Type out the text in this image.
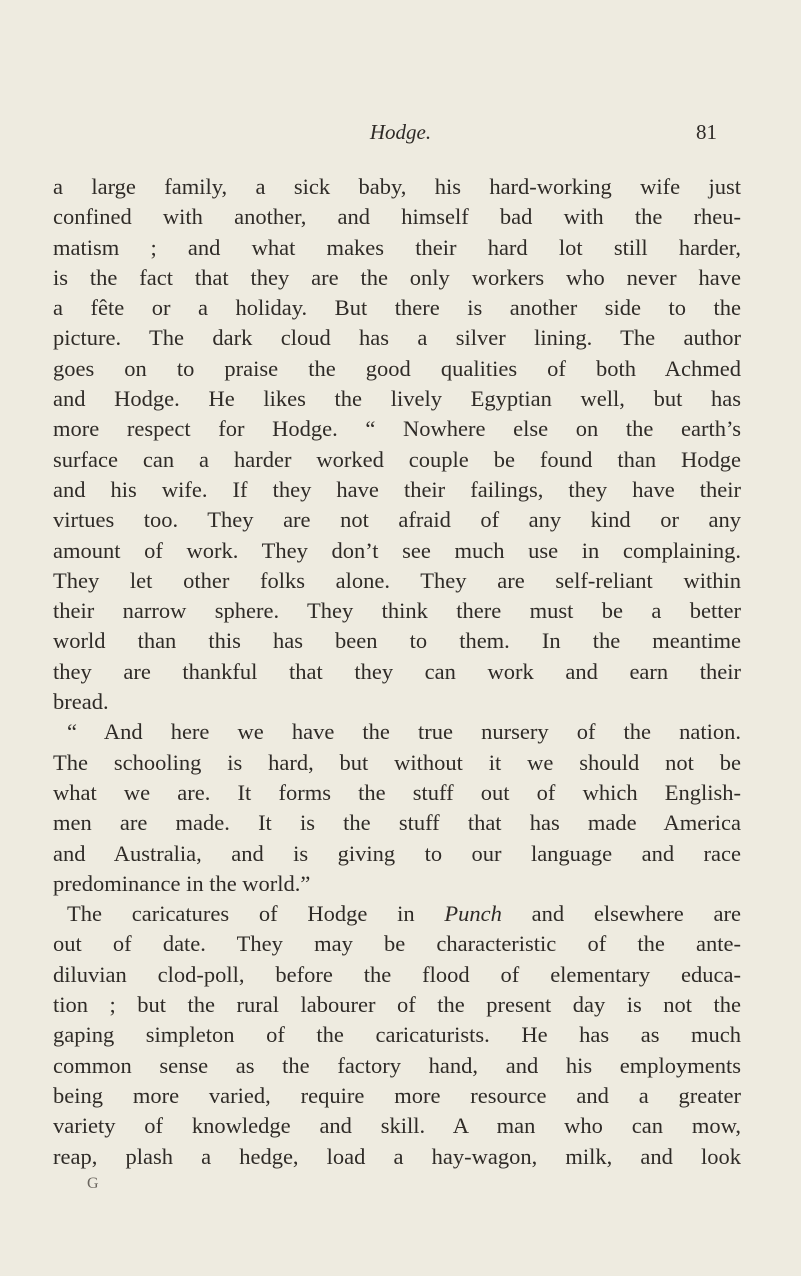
Hodge.	81
a large family, a sick baby, his hard-working wife just
confined with another, and himself bad with the rheu-
matism ; and what makes their hard lot still harder,
is the fact that they are the only workers who never have
a fête or a holiday. But there is another side to the
picture. The dark cloud has a silver lining. The author
goes on to praise the good qualities of both Achmed
and Hodge. He likes the lively Egyptian well, but has
more respect for Hodge. “ Nowhere else on the earth’s
surface can a harder worked couple be found than Hodge
and his wife. If they have their failings, they have their
virtues too. They are not afraid of any kind or any
amount of work. They don’t see much use in complaining.
They let other folks alone. They are self-reliant within
their narrow sphere. They think there must be a better
world than this has been to them. In the meantime
they are thankful that they can work and earn their
bread.
“ And here we have the true nursery of the nation.
The schooling is hard, but without it we should not be
what we are. It forms the stuff out of which English-
men are made. It is the stuff that has made America
and Australia, and is giving to our language and race
predominance in the world.”
The caricatures of Hodge in Punch and elsewhere are
out of date. They may be characteristic of the ante-
diluvian clod-poll, before the flood of elementary educa-
tion ; but the rural labourer of the present day is not the
gaping simpleton of the caricaturists. He has as much
common sense as the factory hand, and his employments
being more varied, require more resource and a greater
variety of knowledge and skill. A man who can mow,
reap, plash a hedge, load a hay-wagon, milk, and look
G
